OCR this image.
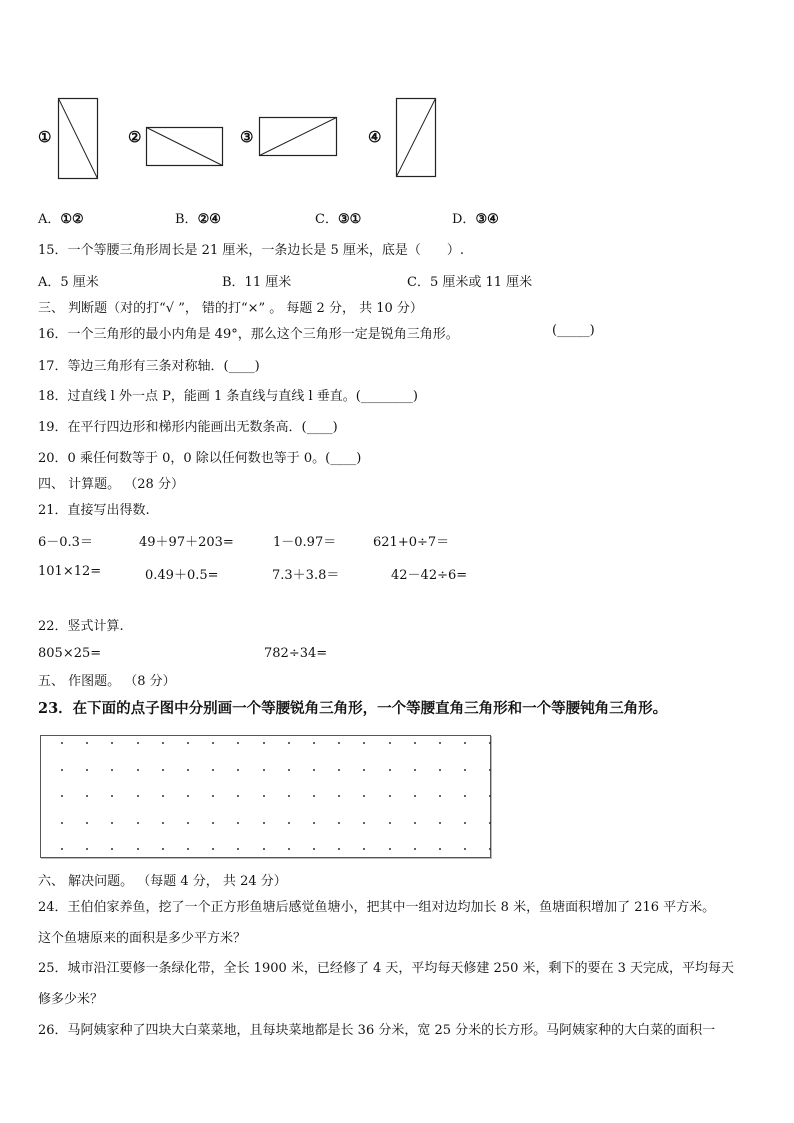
①	②	③	④
A．①②	B．②④	C．③①	D．③④
15．一个等腰三角形周长是 21 厘米，一条边长是 5 厘米，底是（　　）.
A．5 厘米	B．11 厘米	C．5 厘米或 11 厘米
三、 判断题（对的打“√ ”， 错的打“×” 。 每题 2 分， 共 10 分）
16．一个三角形的最小内角是 49°，那么这个三角形一定是锐角三角形。	(_____)
17．等边三角形有三条对称轴．(____)
18．过直线 l 外一点 P，能画 1 条直线与直线 l 垂直。(________)
19．在平行四边形和梯形内能画出无数条高．(____)
20．0 乘任何数等于 0，0 除以任何数也等于 0。(____)
四、 计算题。 （28 分）
21．直接写出得数.
6－0.3＝	49＋97＋203=	1－0.97＝	621+0÷7＝
101×12=	0.49＋0.5=	7.3＋3.8＝	42－42÷6=
22．竖式计算.
805×25=	782÷34=
五、 作图题。 （8 分）
23．在下面的点子图中分别画一个等腰锐角三角形，一个等腰直角三角形和一个等腰钝角三角形。
六、 解决问题。 （每题 4 分， 共 24 分）
24．王伯伯家养鱼，挖了一个正方形鱼塘后感觉鱼塘小，把其中一组对边均加长 8 米，鱼塘面积增加了 216 平方米。
这个鱼塘原来的面积是多少平方米？
25．城市沿江要修一条绿化带，全长 1900 米，已经修了 4 天，平均每天修建 250 米，剩下的要在 3 天完成，平均每天
修多少米？
26．马阿姨家种了四块大白菜菜地，且每块菜地都是长 36 分米，宽 25 分米的长方形。马阿姨家种的大白菜的面积一
